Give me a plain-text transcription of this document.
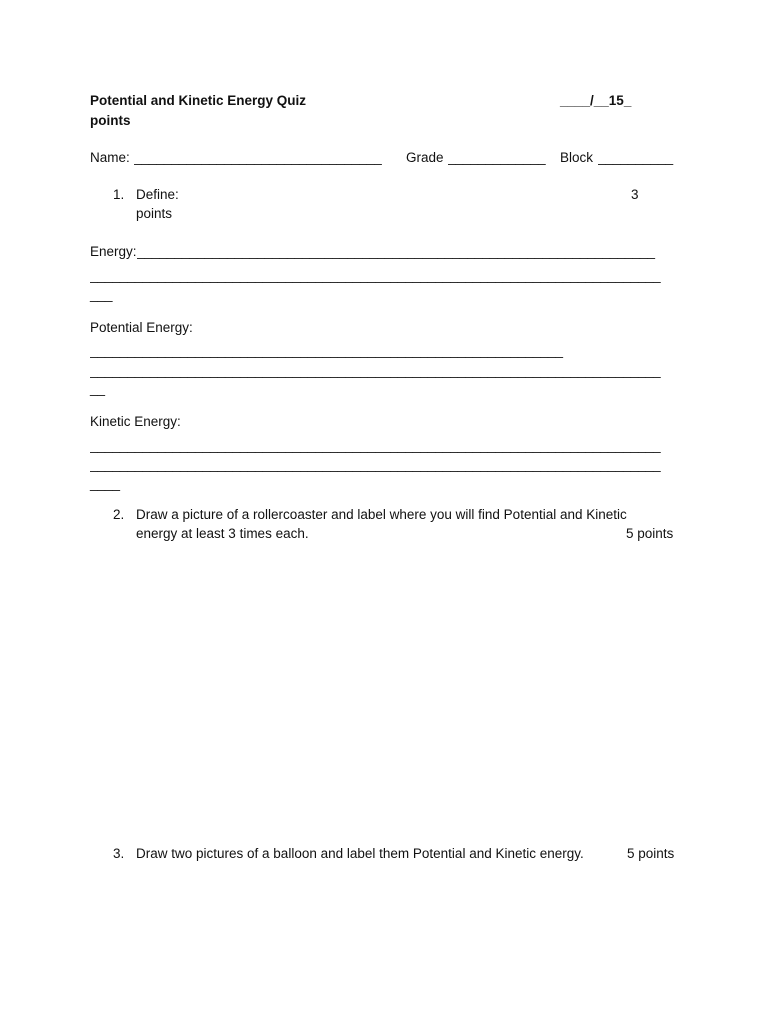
Potential and Kinetic Energy Quiz	____/__15_
points
Name: _________________________________	Grade _____________	Block __________
1. Define:	3
points
Energy: _____________________________________________________________________
____________________________________________________________________________
___
Potential Energy:
_______________________________________________________________
____________________________________________________________________________
__
Kinetic Energy:
____________________________________________________________________________
____________________________________________________________________________
____
2. Draw a picture of a rollercoaster and label where you will find Potential and Kinetic
energy at least 3 times each.	5 points
3. Draw two pictures of a balloon and label them Potential and Kinetic energy.	5 points
